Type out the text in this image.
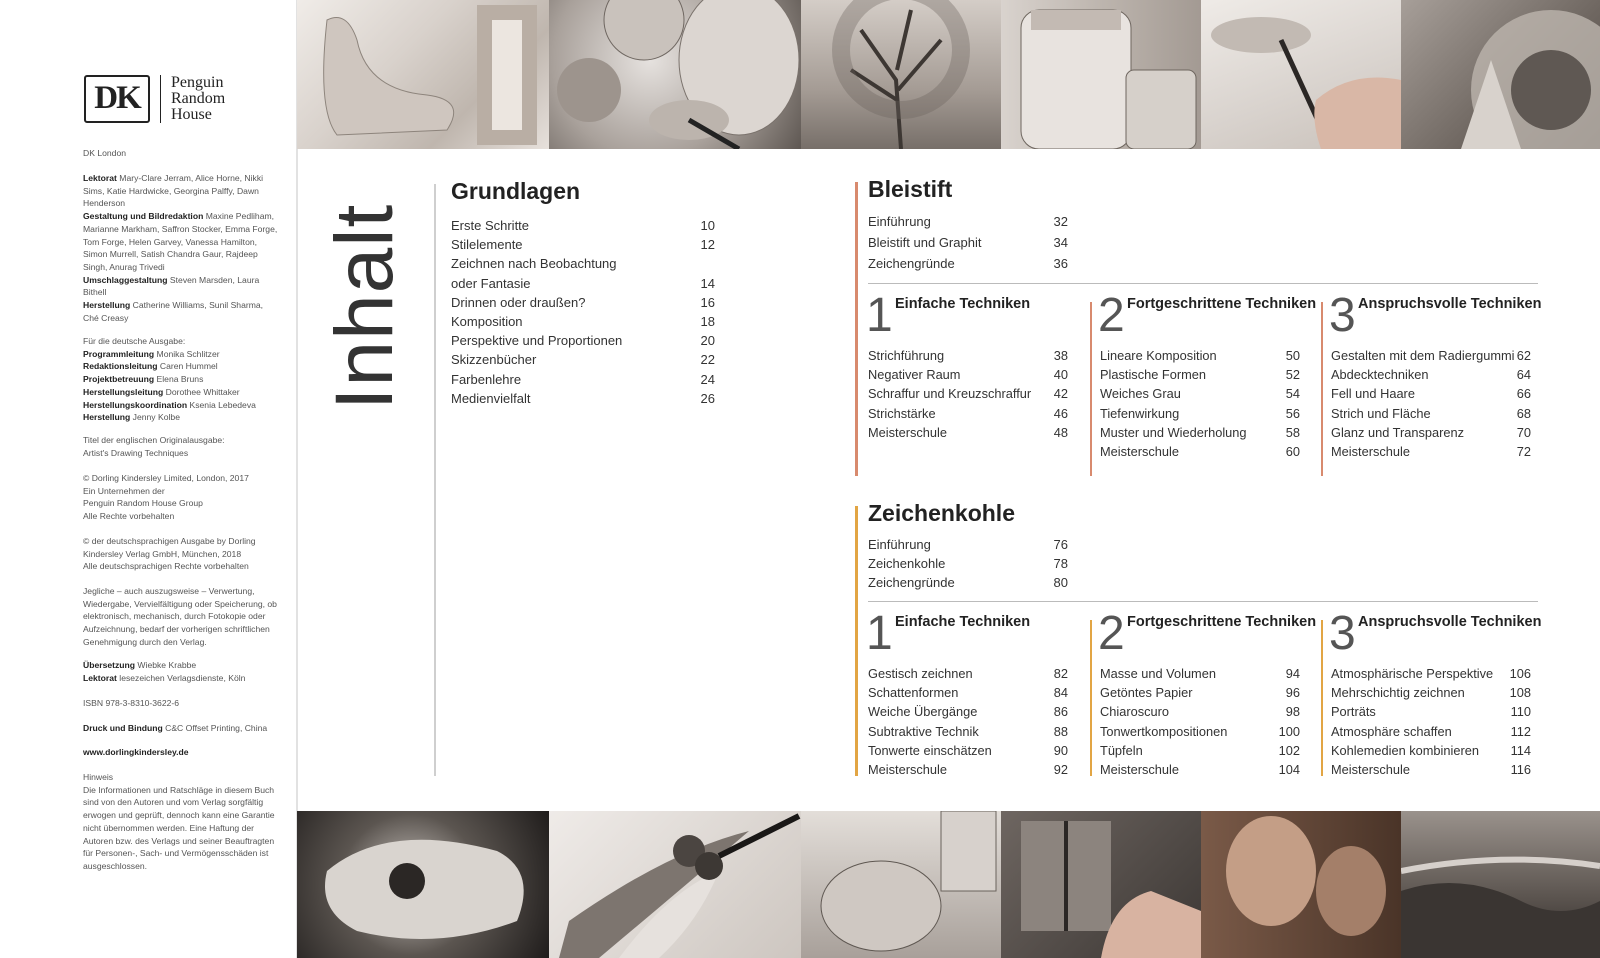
DK	Penguin
Random
House
DK London

Lektorat Mary-Clare Jerram, Alice Horne, Nikki Sims, Katie Hardwicke, Georgina Palffy, Dawn Henderson

Gestaltung und Bildredaktion Maxine Pedliham, Marianne Markham, Saffron Stocker, Emma Forge, Tom Forge, Helen Garvey, Vanessa Hamilton, Simon Murrell, Satish Chandra Gaur, Rajdeep Singh, Anurag Trivedi

Umschlaggestaltung Steven Marsden, Laura Bithell

Herstellung Catherine Williams, Sunil Sharma, Ché Creasy

Für die deutsche Ausgabe:

Programmleitung Monika Schlitzer

Redaktionsleitung Caren Hummel

Projektbetreuung Elena Bruns

Herstellungsleitung Dorothee Whittaker

Herstellungskoordination Ksenia Lebedeva

Herstellung Jenny Kolbe

Titel der englischen Originalausgabe:

Artist's Drawing Techniques

© Dorling Kindersley Limited, London, 2017

Ein Unternehmen der

Penguin Random House Group

Alle Rechte vorbehalten

© der deutschsprachigen Ausgabe by Dorling Kindersley Verlag GmbH, München, 2018

Alle deutschsprachigen Rechte vorbehalten

Jegliche – auch auszugsweise – Verwertung, Wiedergabe, Vervielfältigung oder Speicherung, ob elektronisch, mechanisch, durch Fotokopie oder Aufzeichnung, bedarf der vorherigen schriftlichen Genehmigung durch den Verlag.

Übersetzung Wiebke Krabbe

Lektorat lesezeichen Verlagsdienste, Köln

ISBN 978-3-8310-3622-6

Druck und Bindung C&C Offset Printing, China

www.dorlingkindersley.de

Hinweis

Die Informationen und Ratschläge in diesem Buch sind von den Autoren und vom Verlag sorgfältig erwogen und geprüft, dennoch kann eine Garantie nicht übernommen werden. Eine Haftung der Autoren bzw. des Verlags und seiner Beauftragten für Personen-, Sach- und Vermögensschäden ist ausgeschlossen.

Inhalt
Grundlagen
Erste Schritte	10
Stilelemente	12
Zeichnen nach Beobachtung
oder Fantasie	14
Drinnen oder draußen?	16
Komposition	18
Perspektive und Proportionen	20
Skizzenbücher	22
Farbenlehre	24
Medienvielfalt	26
Bleistift
Einführung	32
Bleistift und Graphit	34
Zeichengründe	36
1 Einfache Techniken
Strichführung	38
Negativer Raum	40
Schraffur und Kreuzschraffur 42
Strichstärke	46
Meisterschule	48
2 Fortgeschrittene Techniken
Lineare Komposition	50
Plastische Formen	52
Weiches Grau	54
Tiefenwirkung	56
Muster und Wiederholung	58
Meisterschule	60
3 Anspruchsvolle Techniken
Gestalten mit dem Radiergummi 62
Abdecktechniken	64
Fell und Haare	66
Strich und Fläche	68
Glanz und Transparenz	70
Meisterschule	72
Zeichenkohle
Einführung	76
Zeichenkohle	78
Zeichengründe	80
1 Einfache Techniken
Gestisch zeichnen	82
Schattenformen	84
Weiche Übergänge	86
Subtraktive Technik	88
Tonwerte einschätzen	90
Meisterschule	92
2 Fortgeschrittene Techniken
Masse und Volumen	94
Getöntes Papier	96
Chiaroscuro	98
Tonwertkompositionen	100
Tüpfeln	102
Meisterschule	104
3 Anspruchsvolle Techniken
Atmosphärische Perspektive 106
Mehrschichtig zeichnen	108
Porträts	110
Atmosphäre schaffen	112
Kohlemedien kombinieren 114
Meisterschule	116
